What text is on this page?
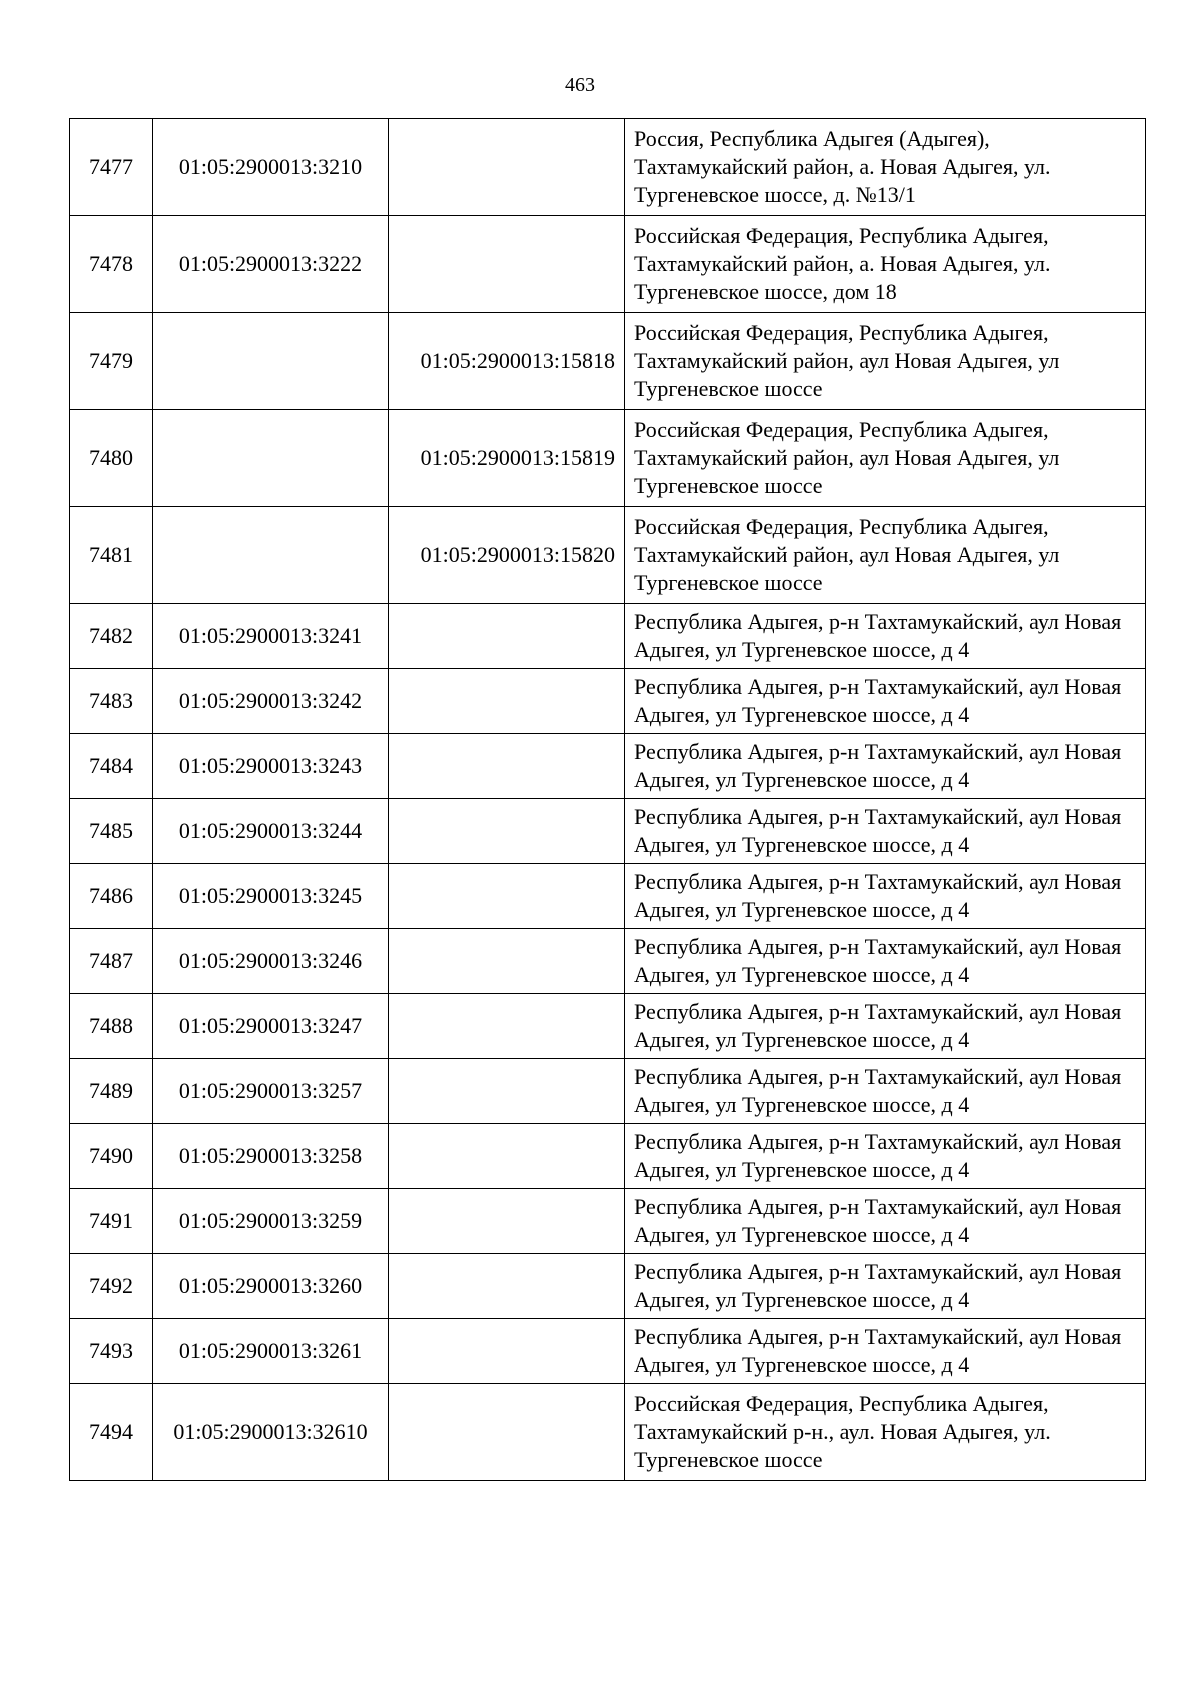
463
7477	01:05:2900013:3210		Россия, Республика Адыгея (Адыгея), Тахтамукайский район, а. Новая Адыгея, ул. Тургеневское шоссе, д. №13/1
7478	01:05:2900013:3222		Российская Федерация, Республика Адыгея, Тахтамукайский район, а. Новая Адыгея, ул. Тургеневское шоссе, дом 18
7479		01:05:2900013:15818	Российская Федерация, Республика Адыгея, Тахтамукайский район, аул Новая Адыгея, ул Тургеневское шоссе
7480		01:05:2900013:15819	Российская Федерация, Республика Адыгея, Тахтамукайский район, аул Новая Адыгея, ул Тургеневское шоссе
7481		01:05:2900013:15820	Российская Федерация, Республика Адыгея, Тахтамукайский район, аул Новая Адыгея, ул Тургеневское шоссе
7482	01:05:2900013:3241		Республика Адыгея, р-н Тахтамукайский, аул Новая Адыгея, ул Тургеневское шоссе, д 4
7483	01:05:2900013:3242		Республика Адыгея, р-н Тахтамукайский, аул Новая Адыгея, ул Тургеневское шоссе, д 4
7484	01:05:2900013:3243		Республика Адыгея, р-н Тахтамукайский, аул Новая Адыгея, ул Тургеневское шоссе, д 4
7485	01:05:2900013:3244		Республика Адыгея, р-н Тахтамукайский, аул Новая Адыгея, ул Тургеневское шоссе, д 4
7486	01:05:2900013:3245		Республика Адыгея, р-н Тахтамукайский, аул Новая Адыгея, ул Тургеневское шоссе, д 4
7487	01:05:2900013:3246		Республика Адыгея, р-н Тахтамукайский, аул Новая Адыгея, ул Тургеневское шоссе, д 4
7488	01:05:2900013:3247		Республика Адыгея, р-н Тахтамукайский, аул Новая Адыгея, ул Тургеневское шоссе, д 4
7489	01:05:2900013:3257		Республика Адыгея, р-н Тахтамукайский, аул Новая Адыгея, ул Тургеневское шоссе, д 4
7490	01:05:2900013:3258		Республика Адыгея, р-н Тахтамукайский, аул Новая Адыгея, ул Тургеневское шоссе, д 4
7491	01:05:2900013:3259		Республика Адыгея, р-н Тахтамукайский, аул Новая Адыгея, ул Тургеневское шоссе, д 4
7492	01:05:2900013:3260		Республика Адыгея, р-н Тахтамукайский, аул Новая Адыгея, ул Тургеневское шоссе, д 4
7493	01:05:2900013:3261		Республика Адыгея, р-н Тахтамукайский, аул Новая Адыгея, ул Тургеневское шоссе, д 4
7494	01:05:2900013:32610		Российская Федерация, Республика Адыгея, Тахтамукайский р-н., аул. Новая Адыгея, ул. Тургеневское шоссе
